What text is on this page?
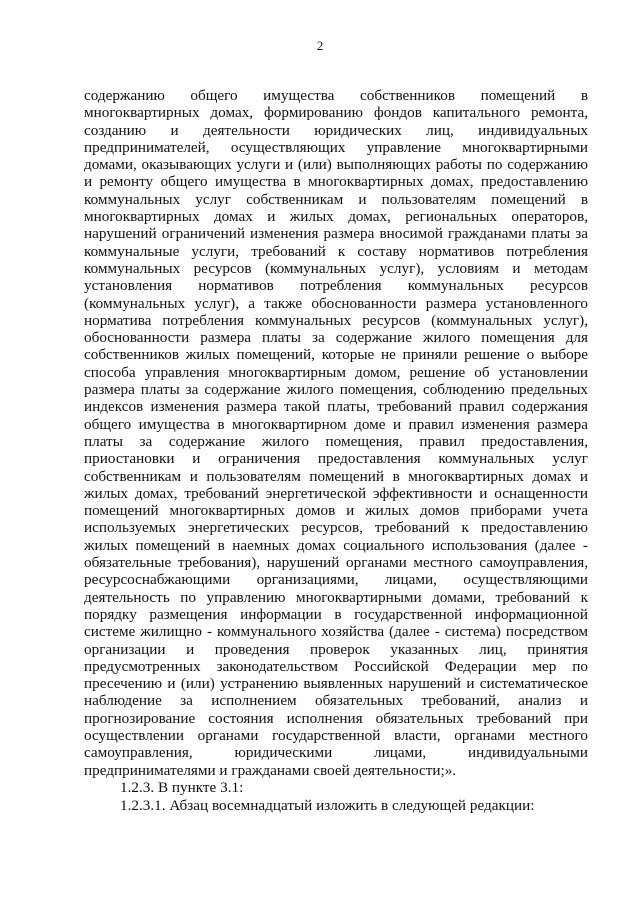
2
содержанию общего имущества собственников помещений в
многоквартирных домах, формированию фондов капитального ремонта,
созданию и деятельности юридических лиц, индивидуальных
предпринимателей, осуществляющих управление многоквартирными
домами, оказывающих услуги и (или) выполняющих работы по содержанию
и ремонту общего имущества в многоквартирных домах, предоставлению
коммунальных услуг собственникам и пользователям помещений в
многоквартирных домах и жилых домах, региональных операторов,
нарушений ограничений изменения размера вносимой гражданами платы за
коммунальные услуги, требований к составу нормативов потребления
коммунальных ресурсов (коммунальных услуг), условиям и методам
установления нормативов потребления коммунальных ресурсов
(коммунальных услуг), а также обоснованности размера установленного
норматива потребления коммунальных ресурсов (коммунальных услуг),
обоснованности размера платы за содержание жилого помещения для
собственников жилых помещений, которые не приняли решение о выборе
способа управления многоквартирным домом, решение об установлении
размера платы за содержание жилого помещения, соблюдению предельных
индексов изменения размера такой платы, требований правил содержания
общего имущества в многоквартирном доме и правил изменения размера
платы за содержание жилого помещения, правил предоставления,
приостановки и ограничения предоставления коммунальных услуг
собственникам и пользователям помещений в многоквартирных домах и
жилых домах, требований энергетической эффективности и оснащенности
помещений многоквартирных домов и жилых домов приборами учета
используемых энергетических ресурсов, требований к предоставлению
жилых помещений в наемных домах социального использования (далее -
обязательные требования), нарушений органами местного самоуправления,
ресурсоснабжающими организациями, лицами, осуществляющими
деятельность по управлению многоквартирными домами, требований к
порядку размещения информации в государственной информационной
системе жилищно - коммунального хозяйства (далее - система) посредством
организации и проведения проверок указанных лиц, принятия
предусмотренных законодательством Российской Федерации мер по
пресечению и (или) устранению выявленных нарушений и систематическое
наблюдение за исполнением обязательных требований, анализ и
прогнозирование состояния исполнения обязательных требований при
осуществлении органами государственной власти, органами местного
самоуправления, юридическими лицами, индивидуальными
предпринимателями и гражданами своей деятельности;».
1.2.3. В пункте 3.1:
1.2.3.1. Абзац восемнадцатый изложить в следующей редакции:
